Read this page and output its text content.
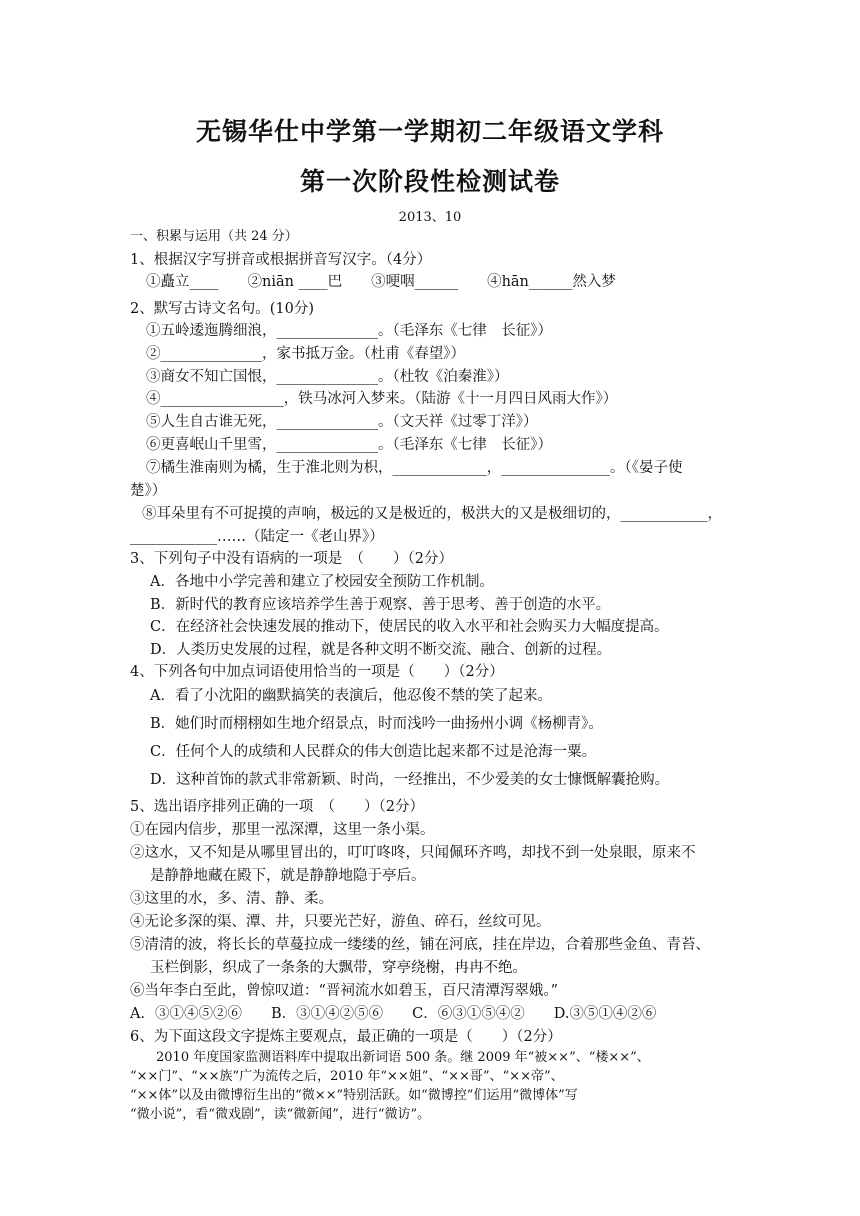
无锡华仕中学第一学期初二年级语文学科
第一次阶段性检测试卷
2013、10
一、积累与运用（共 24 分）
1、根据汉字写拼音或根据拼音写汉字。（4分）
①矗立____　　②niān ____巴　　③哽咽______　　④hān______然入梦
2、默写古诗文名句。(10分)
①五岭逶迤腾细浪，______________。（毛泽东《七律　长征》）
②______________，家书抵万金。（杜甫《春望》）
③商女不知亡国恨，______________。（杜牧《泊秦淮》）
④_________________，铁马冰河入梦来。（陆游《十一月四日风雨大作》）
⑤人生自古谁无死，______________。（文天祥《过零丁洋》）
⑥更喜岷山千里雪，______________。（毛泽东《七律　长征》）
⑦橘生淮南则为橘，生于淮北则为枳，_____________，_______________。（《晏子使
楚》）
⑧耳朵里有不可捉摸的声响，极远的又是极近的，极洪大的又是极细切的，____________，
____________……（陆定一《老山界》）
3、下列句子中没有语病的一项是　（　　）（2分）
A．各地中小学完善和建立了校园安全预防工作机制。
B．新时代的教育应该培养学生善于观察、善于思考、善于创造的水平。
C．在经济社会快速发展的推动下，使居民的收入水平和社会购买力大幅度提高。
D．人类历史发展的过程，就是各种文明不断交流、融合、创新的过程。
4、下列各句中加点词语使用恰当的一项是（　　）（2分）
A．看了小沈阳的幽默搞笑的表演后，他忍俊不禁的笑了起来。
B．她们时而栩栩如生地介绍景点，时而浅吟一曲扬州小调《杨柳青》。
C．任何个人的成绩和人民群众的伟大创造比起来都不过是沧海一粟。
D．这种首饰的款式非常新颖、时尚，一经推出，不少爱美的女士慷慨解囊抢购。
5、选出语序排列正确的一项　（　　）（2分）
①在园内信步，那里一泓深潭，这里一条小渠。
②这水，又不知是从哪里冒出的，叮叮咚咚，只闻佩环齐鸣，却找不到一处泉眼，原来不
是静静地藏在殿下，就是静静地隐于亭后。
③这里的水，多、清、静、柔。
④无论多深的渠、潭、井，只要光芒好，游鱼、碎石，丝纹可见。
⑤清清的波，将长长的草蔓拉成一缕缕的丝，铺在河底，挂在岸边，合着那些金鱼、青苔、
玉栏倒影，织成了一条条的大飘带，穿亭绕榭，冉冉不绝。
⑥当年李白至此，曾惊叹道：“晋祠流水如碧玉，百尺清潭泻翠娥。”
A．③①④⑤②⑥　　B．③①④②⑤⑥　　C．⑥③①⑤④②　　D.③⑤①④②⑥
6、为下面这段文字提炼主要观点，最正确的一项是（　　）（2分）
　　2010 年度国家监测语料库中提取出新词语 500 条。继 2009 年“被××”、“楼××”、
“××门”、“××族”广为流传之后，2010 年“××姐”、“××哥”、“××帝”、
“××体”以及由微博衍生出的“微××”特别活跃。如“微博控”们运用“微博体”写
“微小说”，看“微戏剧”，读“微新闻”，进行“微访”。
